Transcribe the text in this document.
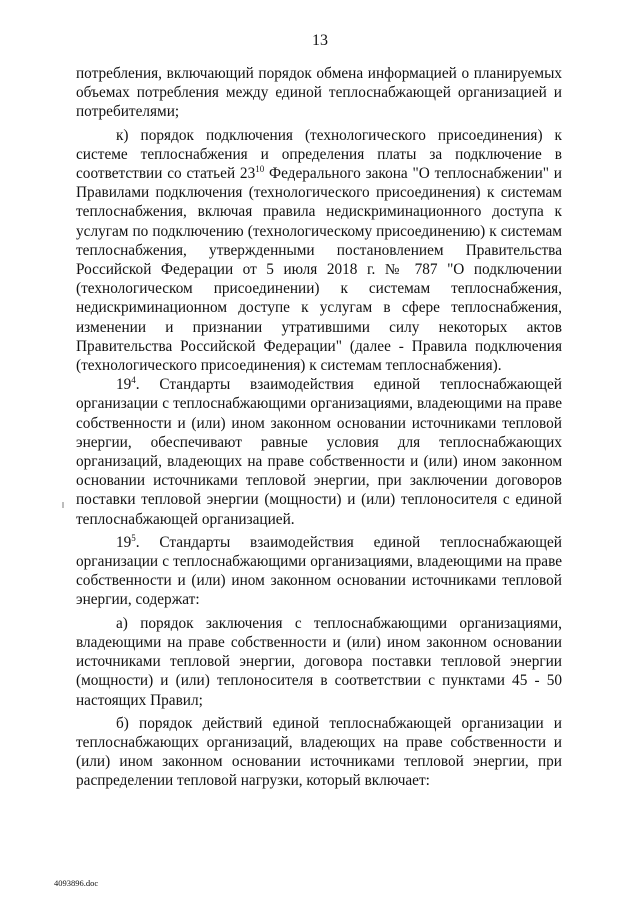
13

потребления, включающий порядок обмена информацией о планируемых объемах потребления между единой теплоснабжающей организацией и потребителями;

к) порядок подключения (технологического присоединения) к системе теплоснабжения и определения платы за подключение в соответствии со статьей $23^{10}$ Федерального закона "О теплоснабжении" и Правилами подключения (технологического присоединения) к системам теплоснабжения, включая правила недискриминационного доступа к услугам по подключению (технологическому присоединению) к системам теплоснабжения, утвержденными постановлением Правительства Российской Федерации от 5 июля 2018 г. № 787 "О подключении (технологическом присоединении) к системам теплоснабжения, недискриминационном доступе к услугам в сфере теплоснабжения, изменении и признании утратившими силу некоторых актов Правительства Российской Федерации" (далее - Правила подключения (технологического присоединения) к системам теплоснабжения).

$19^4$. Стандарты взаимодействия единой теплоснабжающей организации с теплоснабжающими организациями, владеющими на праве собственности и (или) ином законном основании источниками тепловой энергии, обеспечивают равные условия для теплоснабжающих организаций, владеющих на праве собственности и (или) ином законном основании источниками тепловой энергии, при заключении договоров поставки тепловой энергии (мощности) и (или) теплоносителя с единой теплоснабжающей организацией.

$19^5$. Стандарты взаимодействия единой теплоснабжающей организации с теплоснабжающими организациями, владеющими на праве собственности и (или) ином законном основании источниками тепловой энергии, содержат:

а) порядок заключения с теплоснабжающими организациями, владеющими на праве собственности и (или) ином законном основании источниками тепловой энергии, договора поставки тепловой энергии (мощности) и (или) теплоносителя в соответствии с пунктами 45 - 50 настоящих Правил;

б) порядок действий единой теплоснабжающей организации и теплоснабжающих организаций, владеющих на праве собственности и (или) ином законном основании источниками тепловой энергии, при распределении тепловой нагрузки, который включает:

4093896.doc
